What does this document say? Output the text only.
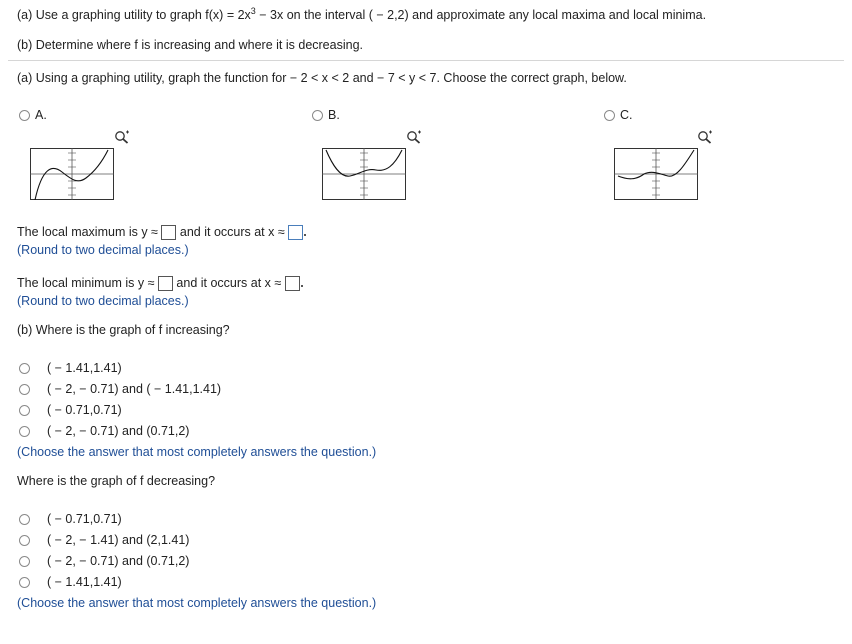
(a) Use a graphing utility to graph $f(x) = 2x^3 - 3x$ on the interval ( − 2,2) and approximate any local maxima and local minima.
(b) Determine where f is increasing and where it is decreasing.
(a) Using a graphing utility, graph the function for − 2 < x < 2 and − 7 < y < 7. Choose the correct graph, below.
A.	B.	C.
The local maximum is y ≈ and it occurs at x ≈
(Round to two decimal places.)
The local minimum is y ≈ and it occurs at x ≈
(Round to two decimal places.)
(b) Where is the graph of f increasing?
( − 1.41,1.41)
( − 2, − 0.71) and ( − 1.41,1.41)
( − 0.71,0.71)
( − 2, − 0.71) and (0.71,2)
(Choose the answer that most completely answers the question.)
Where is the graph of f decreasing?
( − 0.71,0.71)
( − 2, − 1.41) and (2,1.41)
( − 2, − 0.71) and (0.71,2)
( − 1.41,1.41)
(Choose the answer that most completely answers the question.)
